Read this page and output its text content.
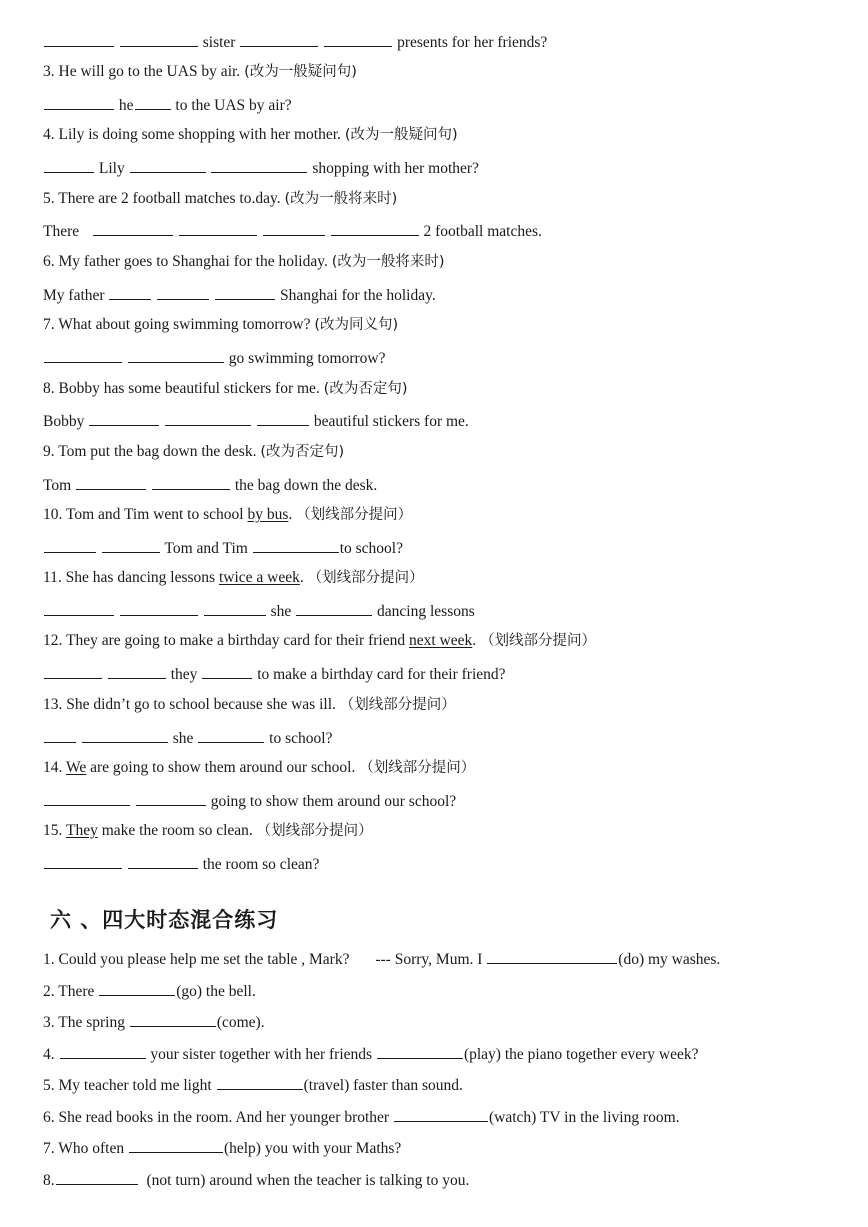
sister	presents for her friends?
3. He will go to the UAS by air. (改为一般疑问句)
he	to the UAS by air?
4. Lily is doing some shopping with her mother. (改为一般疑问句)
Lily	shopping with her mother?
5. There are 2 football matches to.day. (改为一般将来时)
There	2 football matches.
6. My father goes to Shanghai for the holiday. (改为一般将来时)
My father	Shanghai for the holiday.
7. What about going swimming tomorrow? (改为同义句)
go swimming tomorrow?
8. Bobby has some beautiful stickers for me. (改为否定句)
Bobby	beautiful stickers for me.
9. Tom put the bag down the desk. (改为否定句)
Tom	the bag down the desk.
10. Tom and Tim went to school by bus. （划线部分提问）
Tom and Tim	to school?
11. She has dancing lessons twice a week. （划线部分提问）
she	dancing lessons
12. They are going to make a birthday card for their friend next week. （划线部分提问）
they	to make a birthday card for their friend?
13. She didn’t go to school because she was ill. （划线部分提问）
she	to school?
14. We are going to show them around our school. （划线部分提问）
going to show them around our school?
15. They make the room so clean. （划线部分提问）
the room so clean?
六 、四大时态混合练习
1. Could you please help me set the table , Mark? --- Sorry, Mum. I	(do) my washes.
2. There	(go) the bell.
3. The spring	(come).
4.	your sister together with her friends	(play) the piano together every week?
5. My teacher told me light	(travel) faster than sound.
6. She read books in the room. And her younger brother	(watch) TV in the living room.
7. Who often	(help) you with your Maths?
8.	(not turn) around when the teacher is talking to you.
